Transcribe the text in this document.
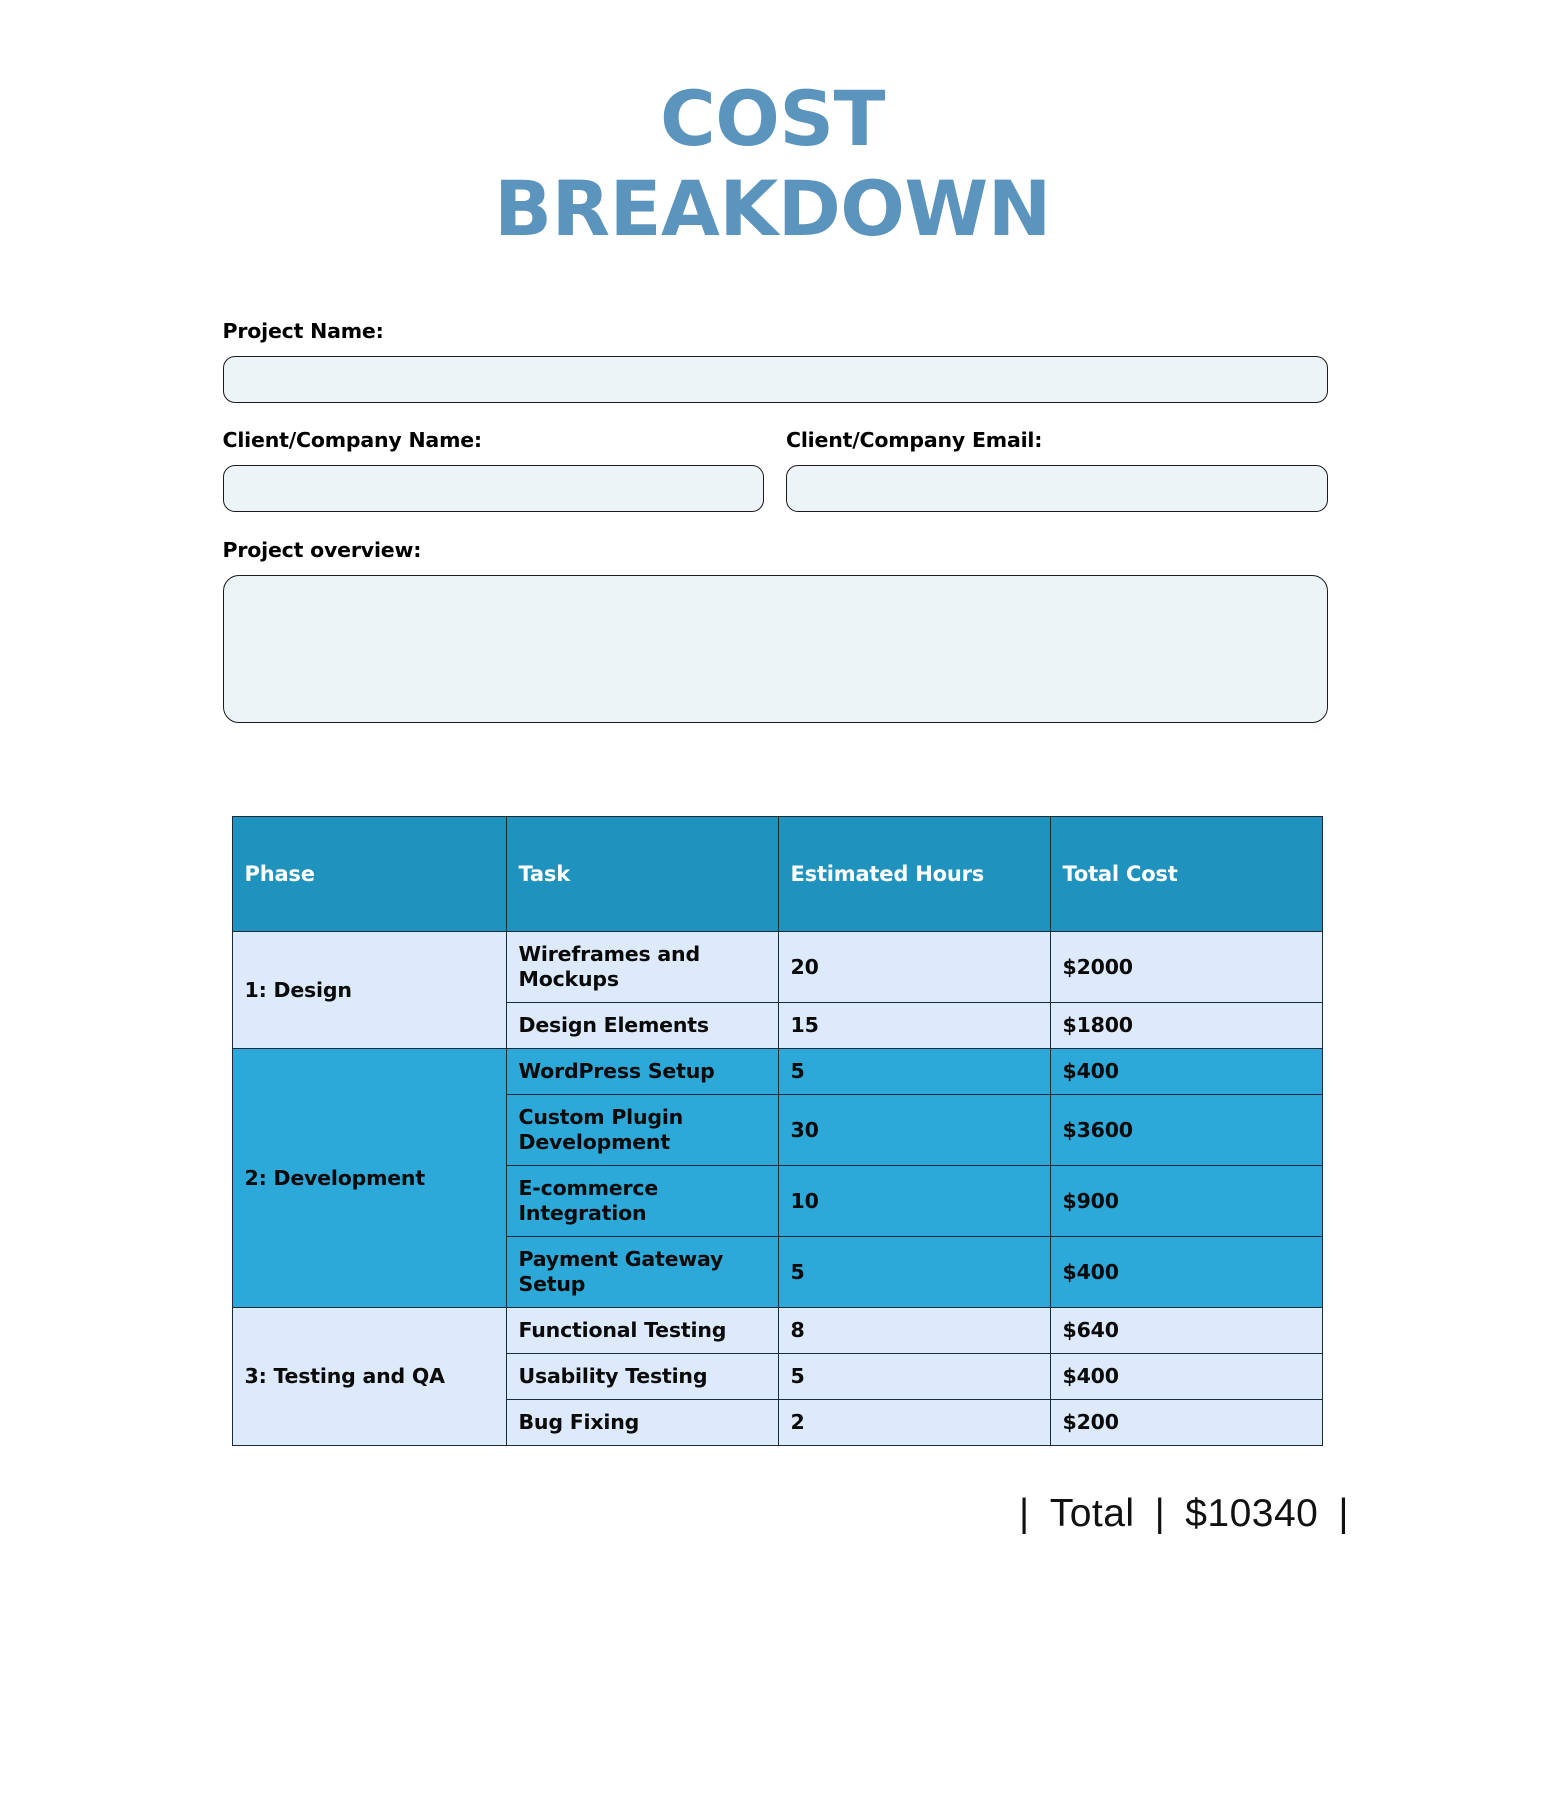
COST
BREAKDOWN
Project Name:
Client/Company Name:	Client/Company Email:
Project overview:
Phase	Task	Estimated Hours	Total Cost
1: Design	Wireframes and Mockups	20	$2000
	Design Elements	15	$1800
2: Development	WordPress Setup	5	$400
	Custom Plugin Development	30	$3600
	E-commerce Integration	10	$900
	Payment Gateway Setup	5	$400
3: Testing and QA	Functional Testing	8	$640
	Usability Testing	5	$400
	Bug Fixing	2	$200
| Total | $10340 |
